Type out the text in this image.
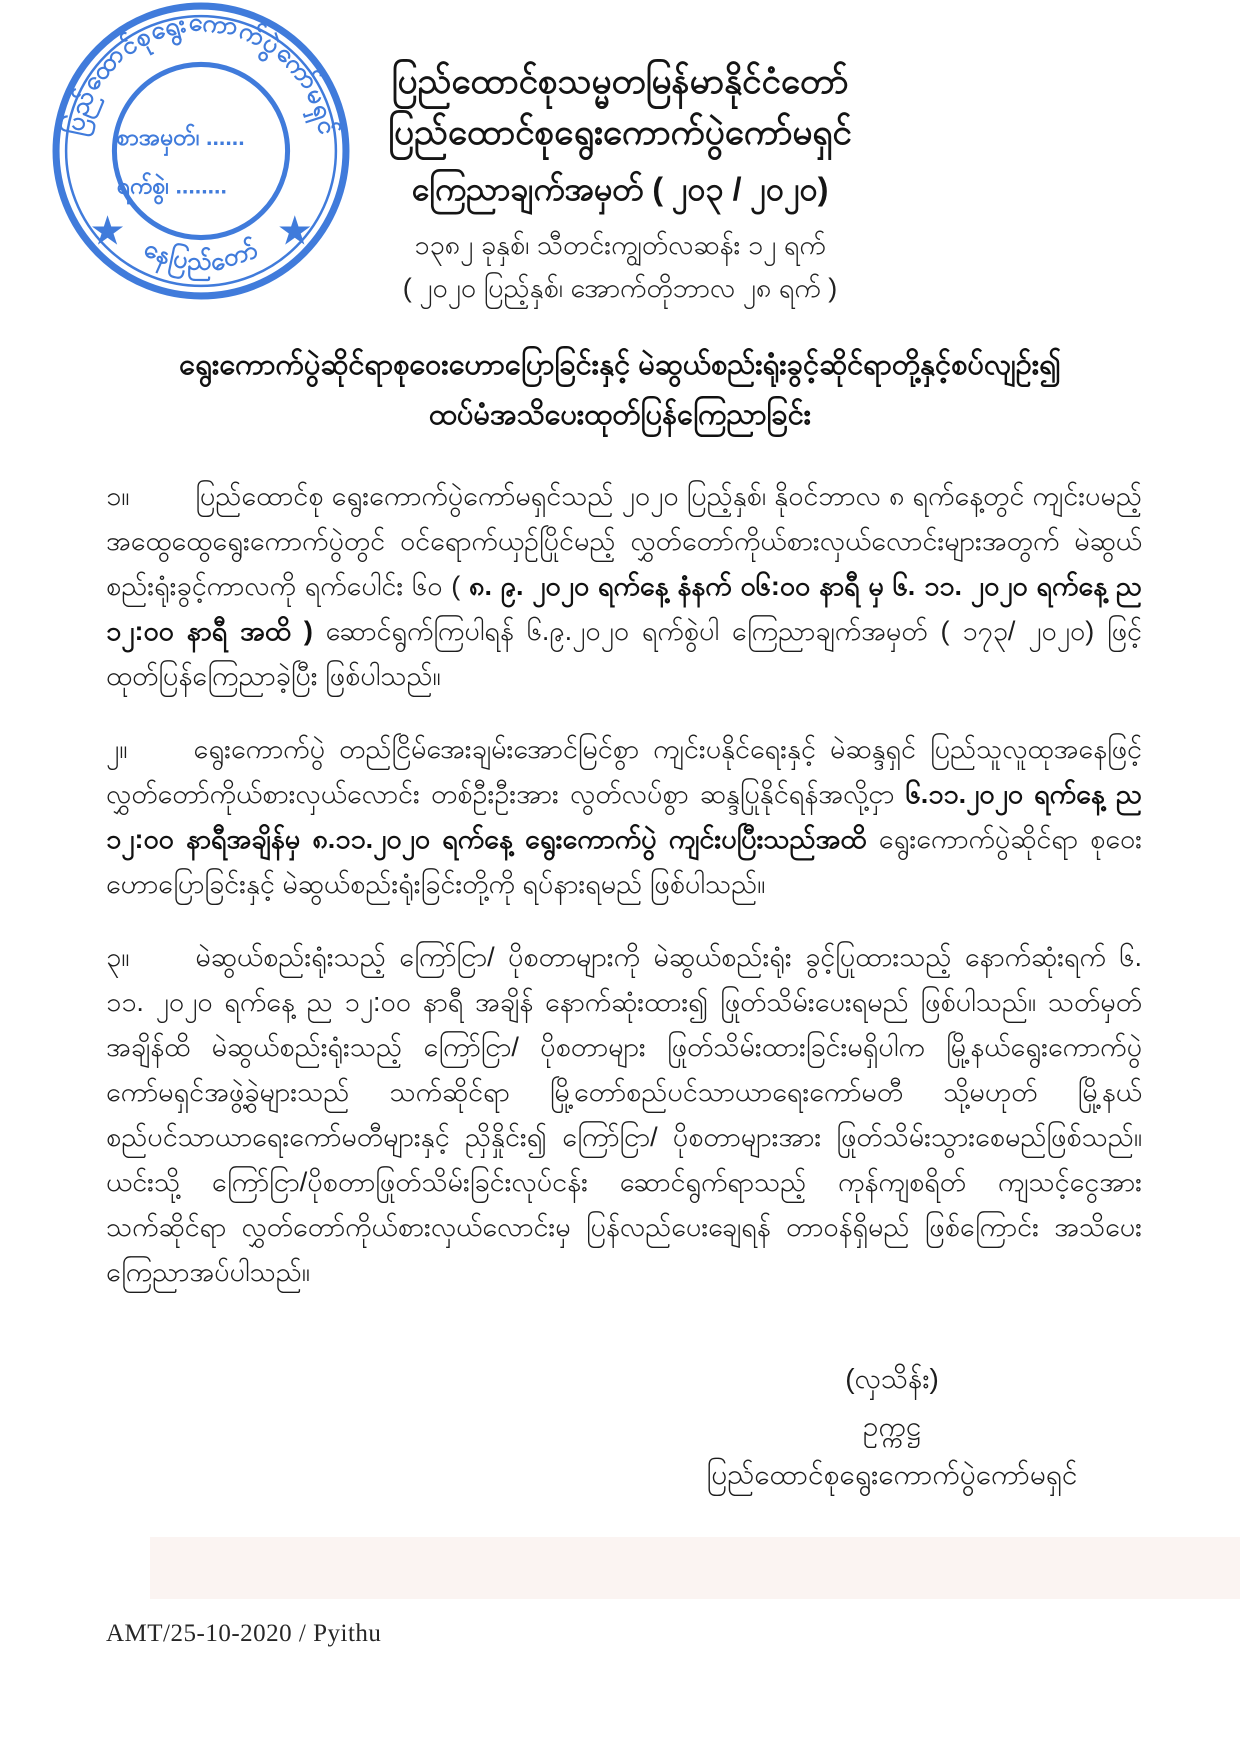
ပြည်ထောင်စုရွေးကောက်ပွဲကော်မရှင်
နေပြည်တော်
စာအမှတ်၊ ......
ရက်စွဲ၊ ........
★	★
ပြည်ထောင်စုသမ္မတမြန်မာနိုင်ငံတော်
ပြည်ထောင်စုရွေးကောက်ပွဲကော်မရှင်
ကြေညာချက်အမှတ် ( ၂၀၃ / ၂၀၂၀)
၁၃၈၂ ခုနှစ်၊ သီတင်းကျွတ်လဆန်း ၁၂ ရက်
( ၂၀၂၀ ပြည့်နှစ်၊ အောက်တိုဘာလ ၂၈ ရက် )
ရွေးကောက်ပွဲဆိုင်ရာစုဝေးဟောပြောခြင်းနှင့် မဲဆွယ်စည်းရုံးခွင့်ဆိုင်ရာတို့နှင့်စပ်လျဉ်း၍
ထပ်မံအသိပေးထုတ်ပြန်ကြေညာခြင်း
၁။ ပြည်ထောင်စု ရွေးကောက်ပွဲကော်မရှင်သည် ၂၀၂၀ ပြည့်နှစ်၊ နိုဝင်ဘာလ ၈ ရက်နေ့တွင် ကျင်းပမည့် အထွေထွေရွေးကောက်ပွဲတွင် ဝင်ရောက်ယှဉ်ပြိုင်မည့် လွှတ်တော်ကိုယ်စားလှယ်လောင်းများအတွက် မဲဆွယ်စည်းရုံးခွင့်ကာလကို ရက်ပေါင်း ၆၀ ( ၈. ၉. ၂၀၂၀ ရက်နေ့ နံနက် ဝ၆:ဝဝ နာရီ မှ ၆. ၁၁. ၂၀၂၀ ရက်နေ့ ည ၁၂:ဝဝ နာရီ အထိ ) ဆောင်ရွက်ကြပါရန် ၆.၉.၂၀၂၀ ရက်စွဲပါ ကြေညာချက်အမှတ် ( ၁၇၃/ ၂၀၂၀) ဖြင့် ထုတ်ပြန်ကြေညာခဲ့ပြီး ဖြစ်ပါသည်။
၂။ ရွေးကောက်ပွဲ တည်ငြိမ်အေးချမ်းအောင်မြင်စွာ ကျင်းပနိုင်ရေးနှင့် မဲဆန္ဒရှင် ပြည်သူလူထုအနေဖြင့် လွှတ်တော်ကိုယ်စားလှယ်လောင်း တစ်ဦးဦးအား လွတ်လပ်စွာ ဆန္ဒပြုနိုင်ရန်အလို့ငှာ ၆.၁၁.၂၀၂၀ ရက်နေ့ ည ၁၂:ဝဝ နာရီအချိန်မှ ၈.၁၁.၂၀၂၀ ရက်နေ့ ရွေးကောက်ပွဲ ကျင်းပပြီးသည်အထိ ရွေးကောက်ပွဲဆိုင်ရာ စုဝေးဟောပြောခြင်းနှင့် မဲဆွယ်စည်းရုံးခြင်းတို့ကို ရပ်နားရမည် ဖြစ်ပါသည်။
၃။ မဲဆွယ်စည်းရုံးသည့် ကြော်ငြာ/ ပိုစတာများကို မဲဆွယ်စည်းရုံး ခွင့်ပြုထားသည့် နောက်ဆုံးရက် ၆. ၁၁. ၂၀၂၀ ရက်နေ့ ည ၁၂:၀၀ နာရီ အချိန် နောက်ဆုံးထား၍ ဖြုတ်သိမ်းပေးရမည် ဖြစ်ပါသည်။ သတ်မှတ်အချိန်ထိ မဲဆွယ်စည်းရုံးသည့် ကြော်ငြာ/ ပိုစတာများ ဖြုတ်သိမ်းထားခြင်းမရှိပါက မြို့နယ်ရွေးကောက်ပွဲကော်မရှင်အဖွဲ့ခွဲများသည် သက်ဆိုင်ရာ မြို့တော်စည်ပင်သာယာရေးကော်မတီ သို့မဟုတ် မြို့နယ်စည်ပင်သာယာရေးကော်မတီများနှင့် ညှိနှိုင်း၍ ကြော်ငြာ/ ပိုစတာများအား ဖြုတ်သိမ်းသွားစေမည်ဖြစ်သည်။ ယင်းသို့ ကြော်ငြာ/ပိုစတာဖြုတ်သိမ်းခြင်းလုပ်ငန်း ဆောင်ရွက်ရာသည့် ကုန်ကျစရိတ် ကျသင့်ငွေအား သက်ဆိုင်ရာ လွှတ်တော်ကိုယ်စားလှယ်လောင်းမှ ပြန်လည်ပေးချေရန် တာဝန်ရှိမည် ဖြစ်ကြောင်း အသိပေးကြေညာအပ်ပါသည်။
(လှသိန်း)
ဥက္ကဋ္ဌ
ပြည်ထောင်စုရွေးကောက်ပွဲကော်မရှင်
AMT/25-10-2020 / Pyithu
